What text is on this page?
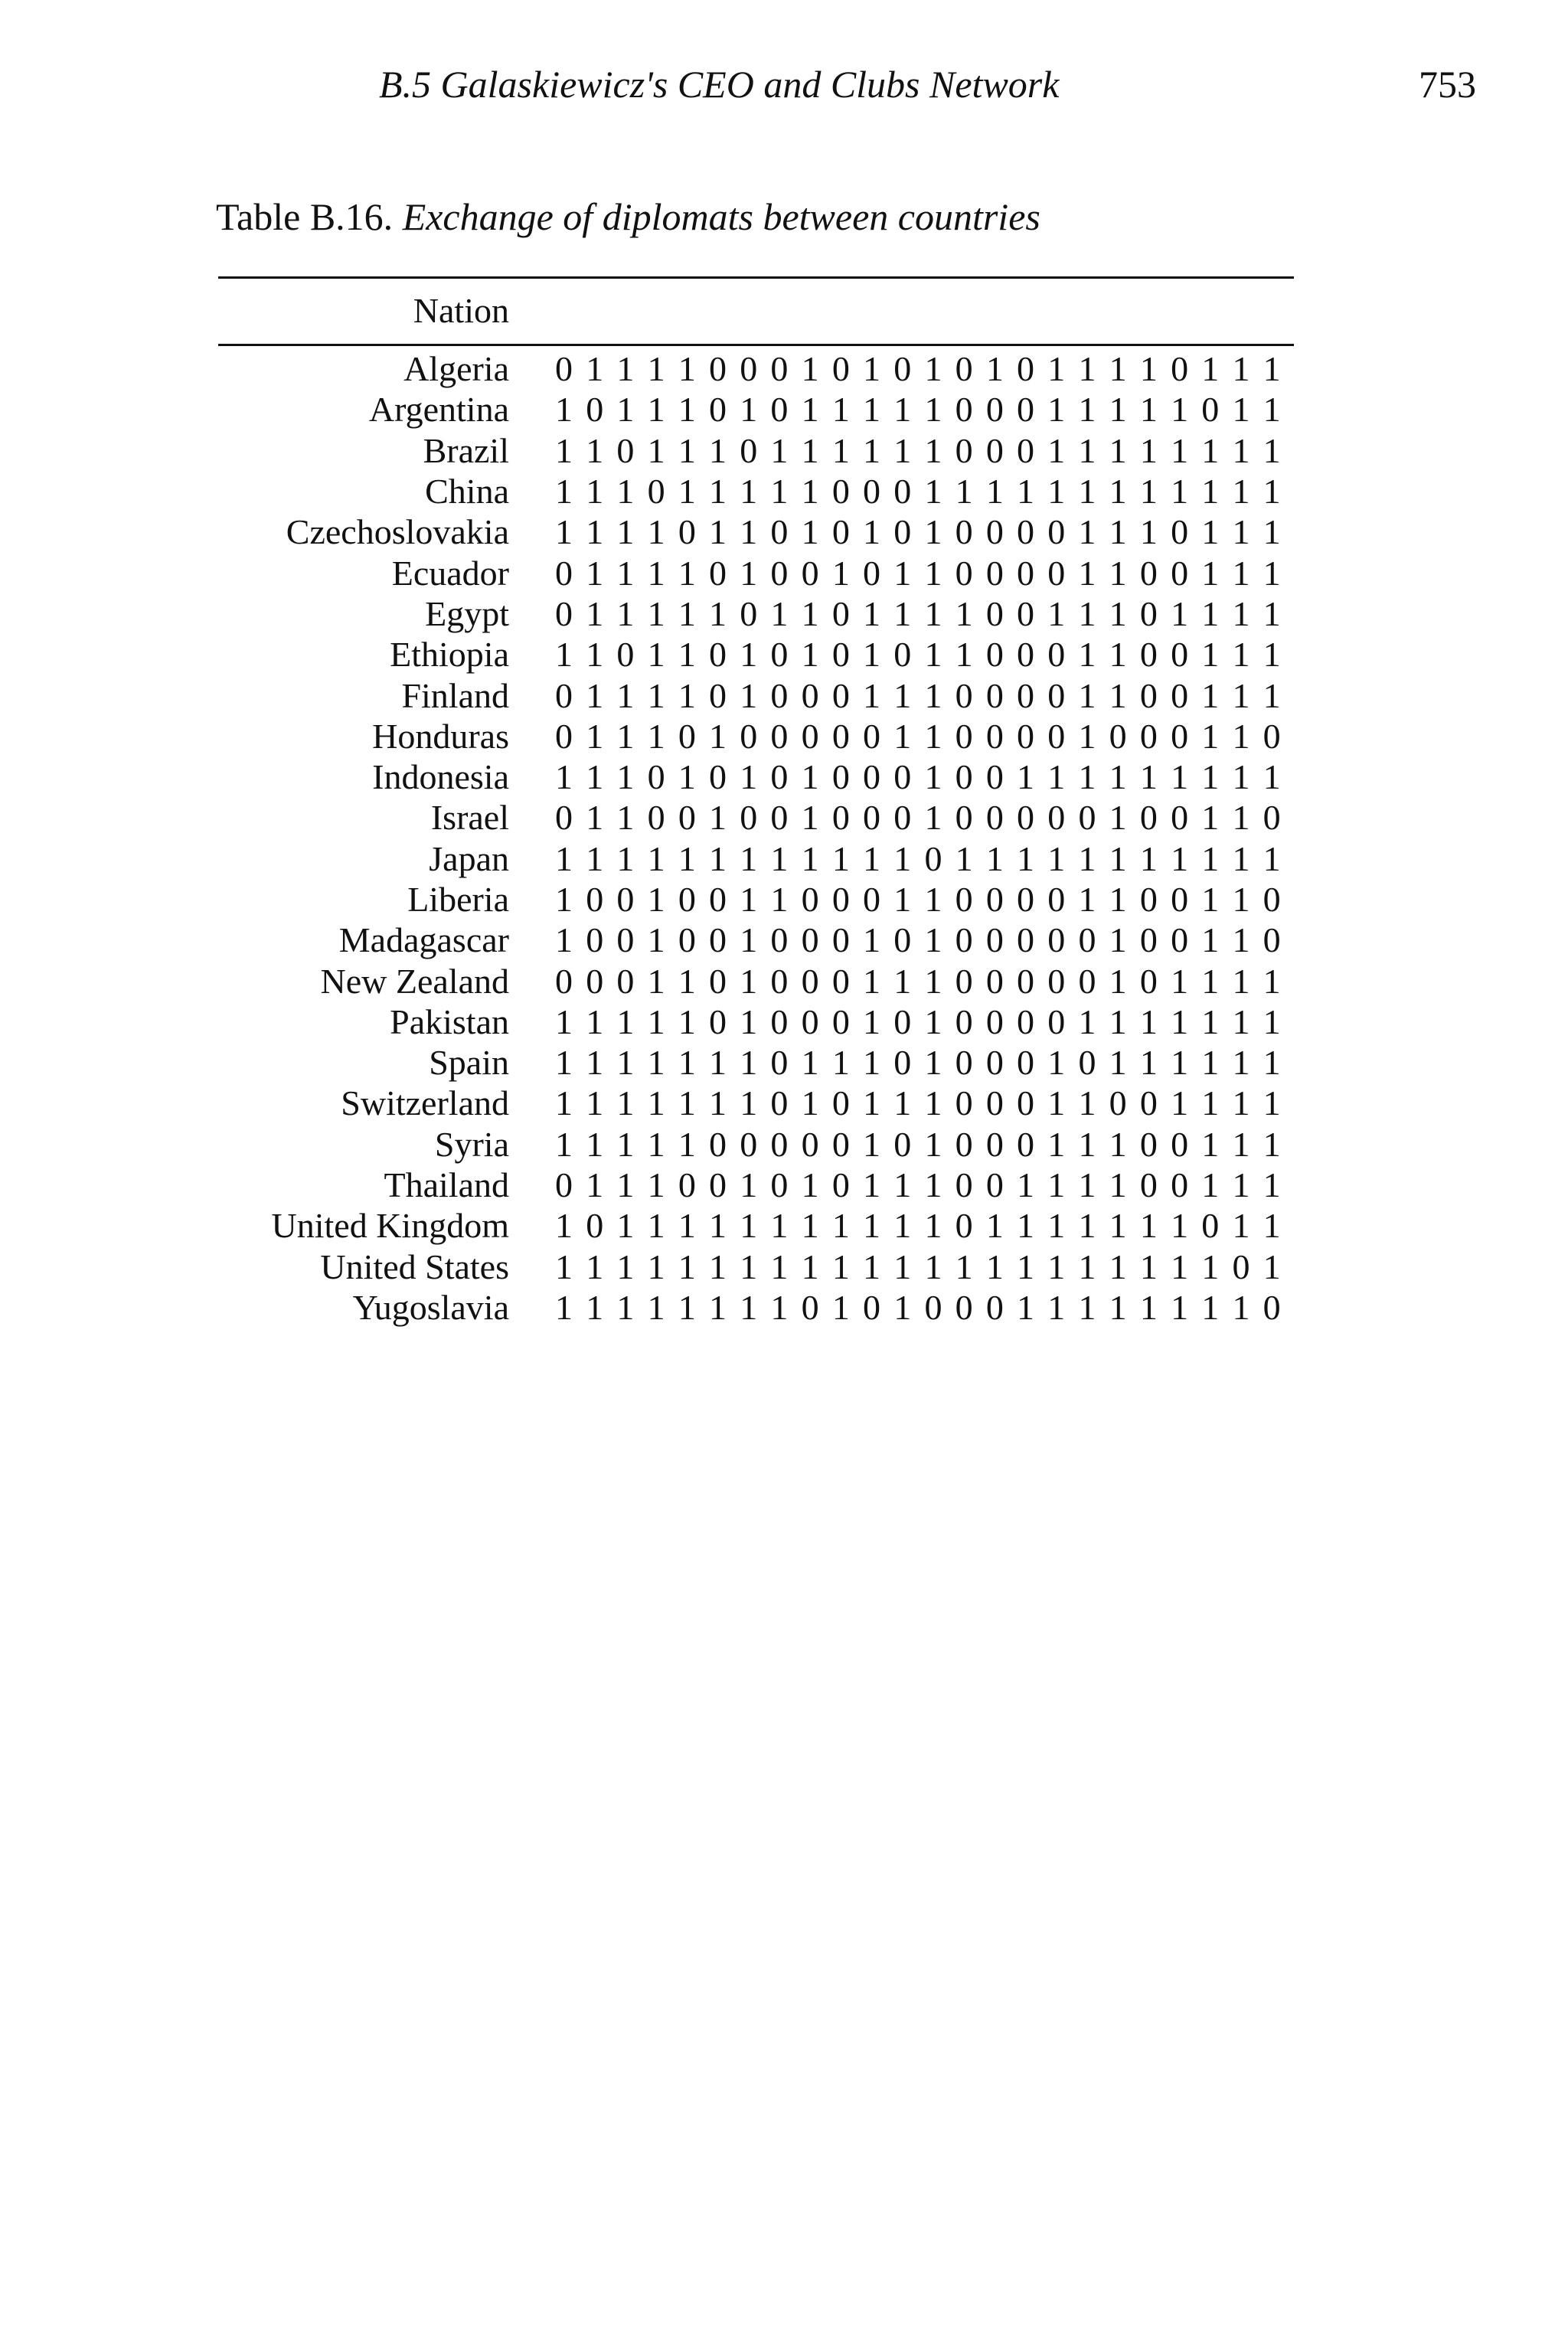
B.5 Galaskiewicz's CEO and Clubs Network	753
Table B.16. Exchange of diplomats between countries
Nation
Algeria 0 1 1 1 1 0 0 0 1 0 1 0 1 0 1 0 1 1 1 1 0 1 1 1
Argentina 1 0 1 1 1 0 1 0 1 1 1 1 1 0 0 0 1 1 1 1 1 0 1 1
Brazil 1 1 0 1 1 1 0 1 1 1 1 1 1 0 0 0 1 1 1 1 1 1 1 1
China 1 1 1 0 1 1 1 1 1 0 0 0 1 1 1 1 1 1 1 1 1 1 1 1
Czechoslovakia 1 1 1 1 0 1 1 0 1 0 1 0 1 0 0 0 0 1 1 1 0 1 1 1
Ecuador 0 1 1 1 1 0 1 0 0 1 0 1 1 0 0 0 0 1 1 0 0 1 1 1
Egypt 0 1 1 1 1 1 0 1 1 0 1 1 1 1 0 0 1 1 1 0 1 1 1 1
Ethiopia 1 1 0 1 1 0 1 0 1 0 1 0 1 1 0 0 0 1 1 0 0 1 1 1
Finland 0 1 1 1 1 0 1 0 0 0 1 1 1 0 0 0 0 1 1 0 0 1 1 1
Honduras 0 1 1 1 0 1 0 0 0 0 0 1 1 0 0 0 0 1 0 0 0 1 1 0
Indonesia 1 1 1 0 1 0 1 0 1 0 0 0 1 0 0 1 1 1 1 1 1 1 1 1
Israel 0 1 1 0 0 1 0 0 1 0 0 0 1 0 0 0 0 0 1 0 0 1 1 0
Japan 1 1 1 1 1 1 1 1 1 1 1 1 0 1 1 1 1 1 1 1 1 1 1 1
Liberia 1 0 0 1 0 0 1 1 0 0 0 1 1 0 0 0 0 1 1 0 0 1 1 0
Madagascar 1 0 0 1 0 0 1 0 0 0 1 0 1 0 0 0 0 0 1 0 0 1 1 0
New Zealand 0 0 0 1 1 0 1 0 0 0 1 1 1 0 0 0 0 0 1 0 1 1 1 1
Pakistan 1 1 1 1 1 0 1 0 0 0 1 0 1 0 0 0 0 1 1 1 1 1 1 1
Spain 1 1 1 1 1 1 1 0 1 1 1 0 1 0 0 0 1 0 1 1 1 1 1 1
Switzerland 1 1 1 1 1 1 1 0 1 0 1 1 1 0 0 0 1 1 0 0 1 1 1 1
Syria 1 1 1 1 1 0 0 0 0 0 1 0 1 0 0 0 1 1 1 0 0 1 1 1
Thailand 0 1 1 1 0 0 1 0 1 0 1 1 1 0 0 1 1 1 1 0 0 1 1 1
United Kingdom 1 0 1 1 1 1 1 1 1 1 1 1 1 0 1 1 1 1 1 1 1 0 1 1
United States 1 1 1 1 1 1 1 1 1 1 1 1 1 1 1 1 1 1 1 1 1 1 0 1
Yugoslavia 1 1 1 1 1 1 1 1 0 1 0 1 0 0 0 1 1 1 1 1 1 1 1 0
